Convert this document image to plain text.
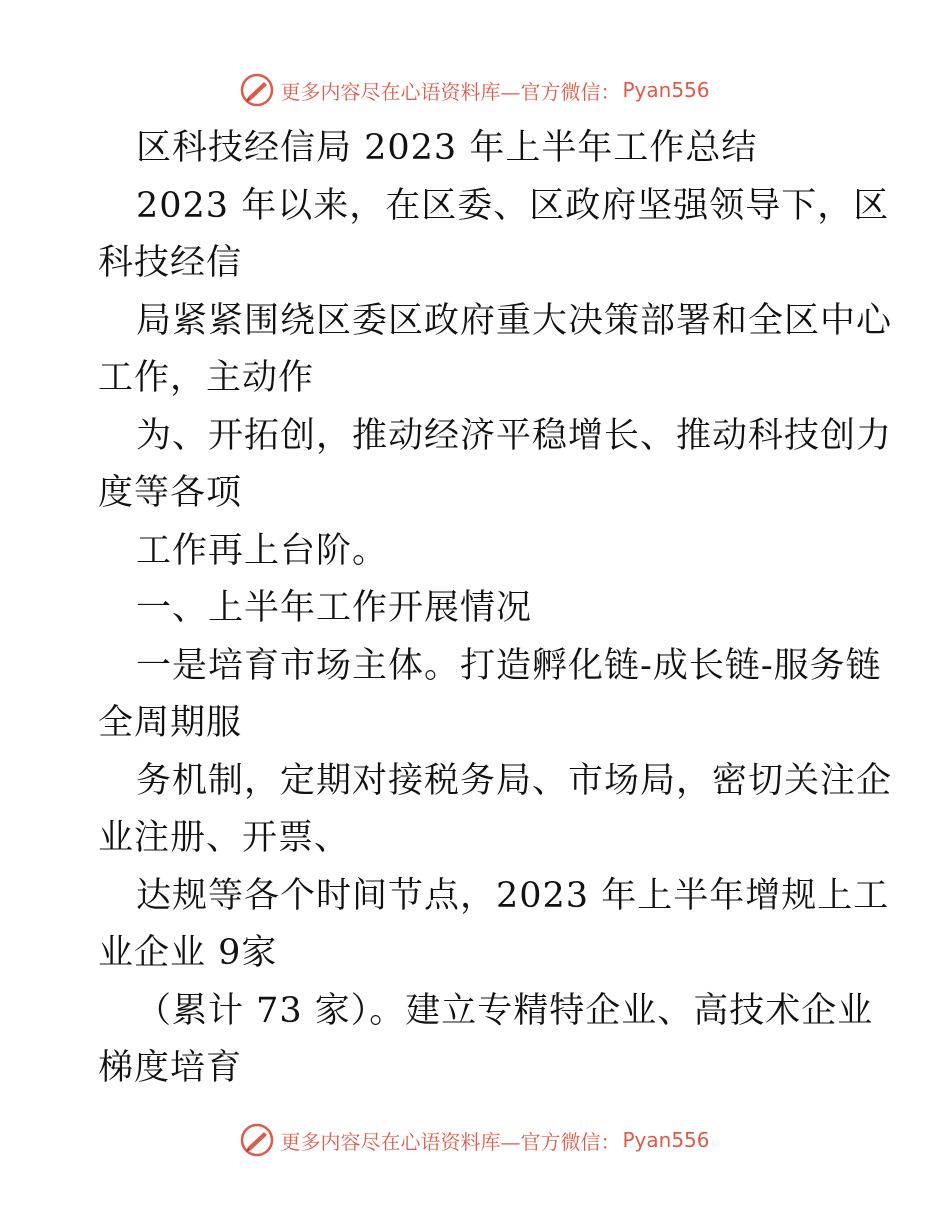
更多内容尽在心语资料库—官方微信： Pyan556
区科技经信局 2023 年上半年工作总结
2023 年以来，在区委、区政府坚强领导下，区
科技经信
局紧紧围绕区委区政府重大决策部署和全区中心
工作，主动作
为、开拓创，推动经济平稳增长、推动科技创力
度等各项
工作再上台阶。
一、上半年工作开展情况
一是培育市场主体。打造孵化链-成长链-服务链
全周期服
务机制，定期对接税务局、市场局，密切关注企
业注册、开票、
达规等各个时间节点，2023 年上半年增规上工
业企业 9家
（累计 73 家）。建立专精特企业、高技术企业
梯度培育
更多内容尽在心语资料库—官方微信： Pyan556
